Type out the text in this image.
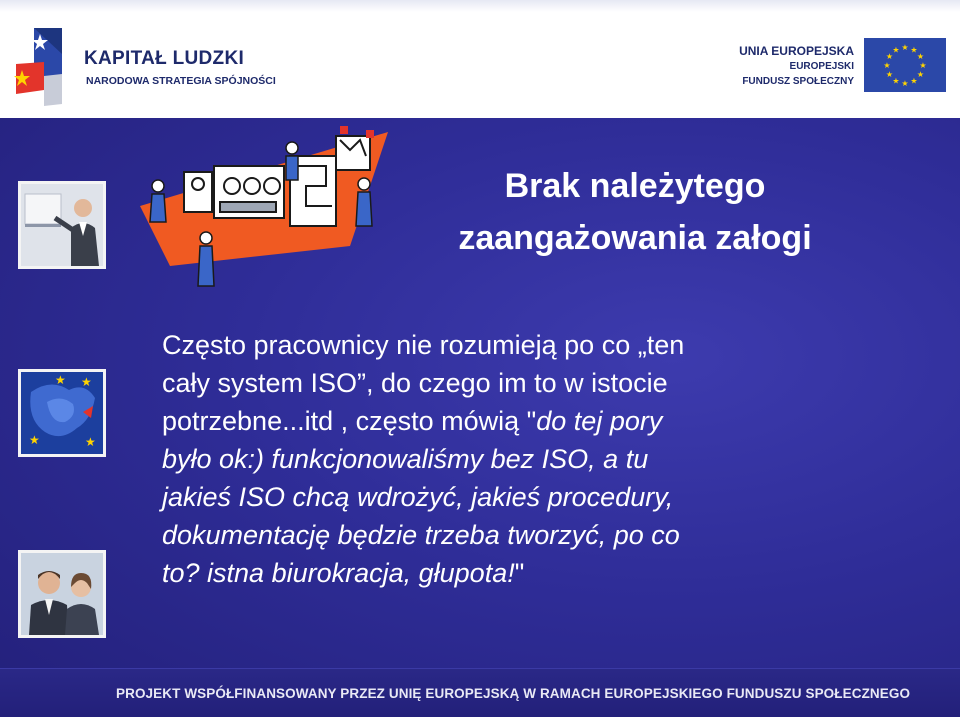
KAPITAŁ LUDZKI
NARODOWA STRATEGIA SPÓJNOŚCI
UNIA EUROPEJSKA
EUROPEJSKI
FUNDUSZ SPOŁECZNY
★ ★
★
★
★
★
★
★
★
★
★
★
★
★
★
★
Brak należytego
zaangażowania załogi
Często pracownicy nie rozumieją po co „ten
cały system ISO”, do czego im to w istocie
potrzebne...itd , często mówią "do tej pory
było ok:) funkcjonowaliśmy bez ISO, a tu
jakieś ISO chcą wdrożyć, jakieś procedury,
dokumentację będzie trzeba tworzyć, po co
to? istna biurokracja, głupota!"
PROJEKT WSPÓŁFINANSOWANY PRZEZ UNIĘ EUROPEJSKĄ W RAMACH EUROPEJSKIEGO FUNDUSZU SPOŁECZNEGO
